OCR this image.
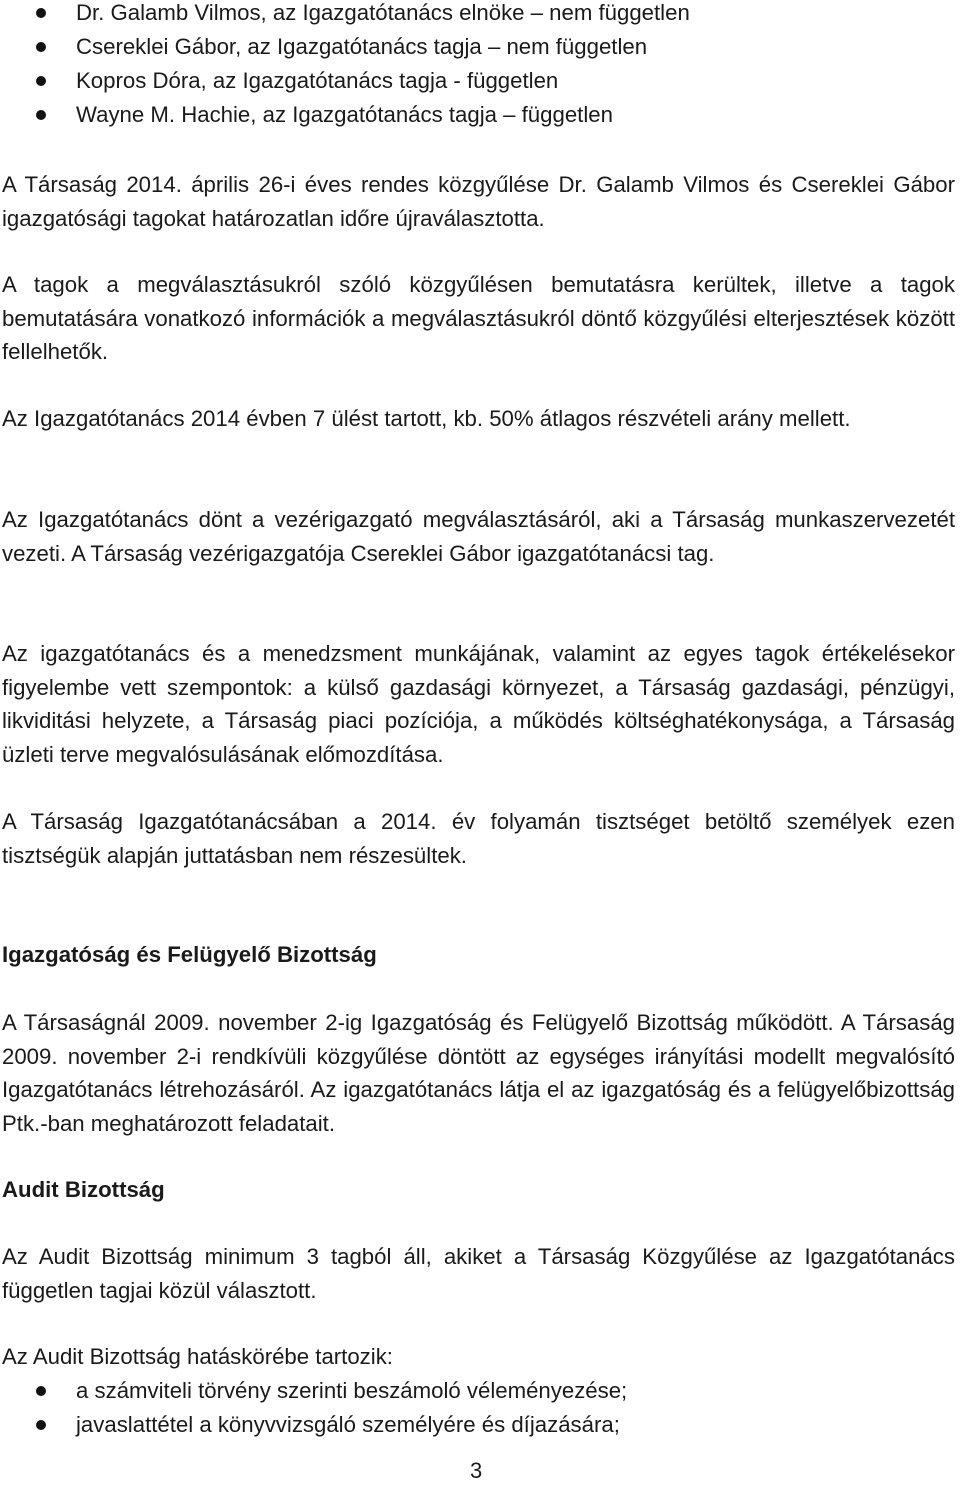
Dr. Galamb Vilmos, az Igazgatótanács elnöke – nem független
Csereklei Gábor, az Igazgatótanács tagja – nem független
Kopros Dóra, az Igazgatótanács tagja - független
Wayne M. Hachie, az Igazgatótanács tagja – független
A Társaság 2014. április 26-i éves rendes közgyűlése Dr. Galamb Vilmos és Csereklei Gábor igazgatósági tagokat határozatlan időre újraválasztotta.
A tagok a megválasztásukról szóló közgyűlésen bemutatásra kerültek, illetve a tagok bemutatására vonatkozó információk a megválasztásukról döntő közgyűlési elterjesztések között fellelhetők.
Az Igazgatótanács 2014 évben 7 ülést tartott, kb. 50% átlagos részvételi arány mellett.
Az Igazgatótanács dönt a vezérigazgató megválasztásáról, aki a Társaság munkaszervezetét vezeti. A Társaság vezérigazgatója Csereklei Gábor igazgatótanácsi tag.
Az igazgatótanács és a menedzsment munkájának, valamint az egyes tagok értékelésekor figyelembe vett szempontok: a külső gazdasági környezet, a Társaság gazdasági, pénzügyi, likviditási helyzete, a Társaság piaci pozíciója, a működés költséghatékonysága, a Társaság üzleti terve megvalósulásának előmozdítása.
A Társaság Igazgatótanácsában a 2014. év folyamán tisztséget betöltő személyek ezen tisztségük alapján juttatásban nem részesültek.
Igazgatóság és Felügyelő Bizottság
A Társaságnál 2009. november 2-ig Igazgatóság és Felügyelő Bizottság működött. A Társaság 2009. november 2-i rendkívüli közgyűlése döntött az egységes irányítási modellt megvalósító Igazgatótanács létrehozásáról. Az igazgatótanács látja el az igazgatóság és a felügyelőbizottság Ptk.-ban meghatározott feladatait.
Audit Bizottság
Az Audit Bizottság minimum 3 tagból áll, akiket a Társaság Közgyűlése az Igazgatótanács független tagjai közül választott.
Az Audit Bizottság hatáskörébe tartozik:
a számviteli törvény szerinti beszámoló véleményezése;
javaslattétel a könyvvizsgáló személyére és díjazására;
3
